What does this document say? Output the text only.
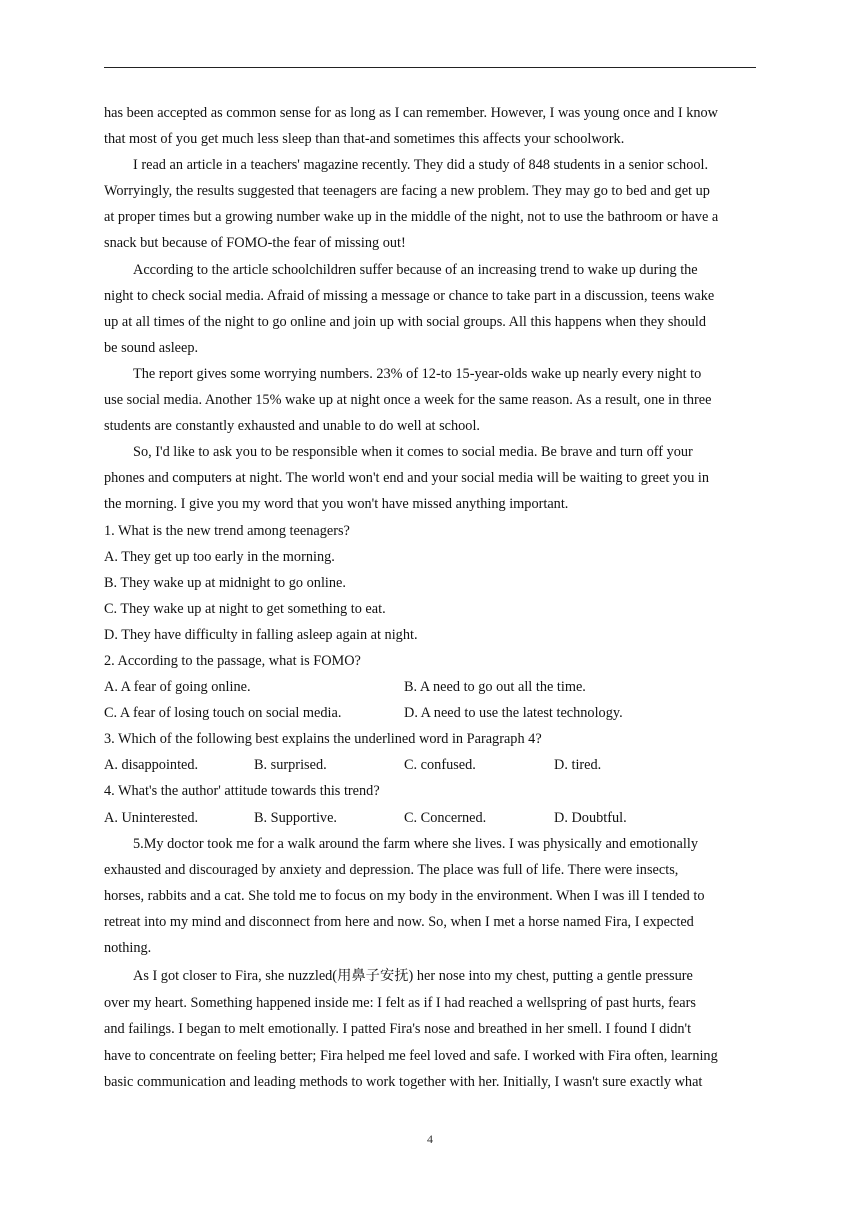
has been accepted as common sense for as long as I can remember. However, I was young once and I know
that most of you get much less sleep than that-and sometimes this affects your schoolwork.

I read an article in a teachers' magazine recently. They did a study of 848 students in a senior school.
Worryingly, the results suggested that teenagers are facing a new problem. They may go to bed and get up
at proper times but a growing number wake up in the middle of the night, not to use the bathroom or have a
snack but because of FOMO-the fear of missing out!

According to the article schoolchildren suffer because of an increasing trend to wake up during the
night to check social media. Afraid of missing a message or chance to take part in a discussion, teens wake
up at all times of the night to go online and join up with social groups. All this happens when they should
be sound asleep.

The report gives some worrying numbers. 23% of 12-to 15-year-olds wake up nearly every night to
use social media. Another 15% wake up at night once a week for the same reason. As a result, one in three
students are constantly exhausted and unable to do well at school.

So, I'd like to ask you to be responsible when it comes to social media. Be brave and turn off your
phones and computers at night. The world won't end and your social media will be waiting to greet you in
the morning. I give you my word that you won't have missed anything important.

1. What is the new trend among teenagers?

A. They get up too early in the morning.

B. They wake up at midnight to go online.

C. They wake up at night to get something to eat.

D. They have difficulty in falling asleep again at night.

2. According to the passage, what is FOMO?

A. A fear of going online.	B. A need to go out all the time.
C. A fear of losing touch on social media.	D. A need to use the latest technology.

3. Which of the following best explains the underlined word in Paragraph 4?

A. disappointed.	B. surprised.	C. confused.	D. tired.

4. What's the author' attitude towards this trend?

A. Uninterested.	B. Supportive.	C. Concerned.	D. Doubtful.

5.My doctor took me for a walk around the farm where she lives. I was physically and emotionally
exhausted and discouraged by anxiety and depression. The place was full of life. There were insects,
horses, rabbits and a cat. She told me to focus on my body in the environment. When I was ill I tended to
retreat into my mind and disconnect from here and now. So, when I met a horse named Fira, I expected
nothing.

As I got closer to Fira, she nuzzled(用鼻子安抚) her nose into my chest, putting a gentle pressure
over my heart. Something happened inside me: I felt as if I had reached a wellspring of past hurts, fears
and failings. I began to melt emotionally. I patted Fira's nose and breathed in her smell. I found I didn't
have to concentrate on feeling better; Fira helped me feel loved and safe. I worked with Fira often, learning
basic communication and leading methods to work together with her. Initially, I wasn't sure exactly what

4
